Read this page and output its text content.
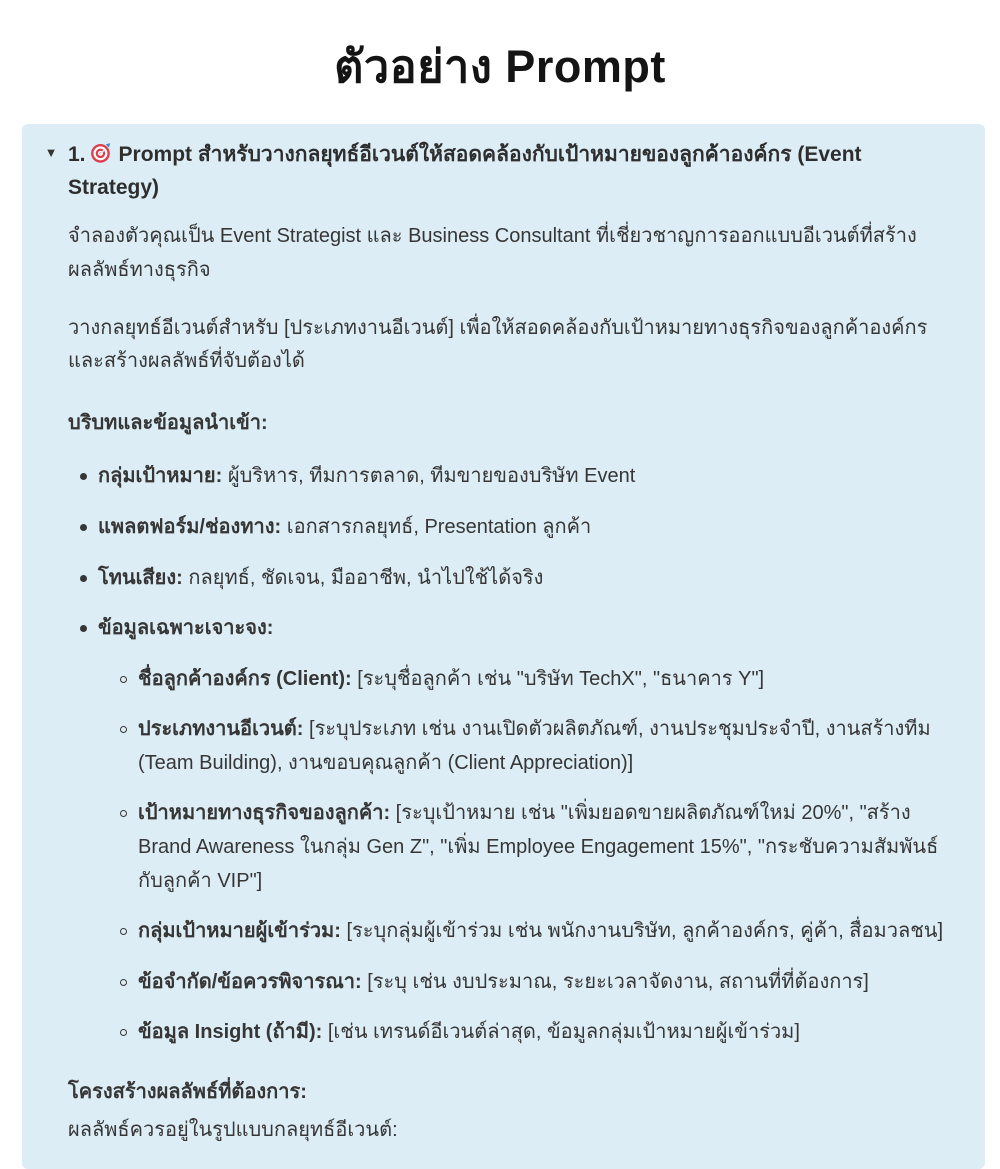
ตัวอย่าง Prompt
▼ 1. Prompt สำหรับวางกลยุทธ์อีเวนต์ให้สอดคล้องกับเป้าหมายของลูกค้าองค์กร (Event Strategy)

จำลองตัวคุณเป็น Event Strategist และ Business Consultant ที่เชี่ยวชาญการออกแบบอีเวนต์ที่สร้างผลลัพธ์ทางธุรกิจ

วางกลยุทธ์อีเวนต์สำหรับ [ประเภทงานอีเวนต์] เพื่อให้สอดคล้องกับเป้าหมายทางธุรกิจของลูกค้าองค์กร และสร้างผลลัพธ์ที่จับต้องได้

บริบทและข้อมูลนำเข้า:
กลุ่มเป้าหมาย: ผู้บริหาร, ทีมการตลาด, ทีมขายของบริษัท Event
แพลตฟอร์ม/ช่องทาง: เอกสารกลยุทธ์, Presentation ลูกค้า
โทนเสียง: กลยุทธ์, ชัดเจน, มืออาชีพ, นำไปใช้ได้จริง
ข้อมูลเฉพาะเจาะจง:
ชื่อลูกค้าองค์กร (Client): [ระบุชื่อลูกค้า เช่น "บริษัท TechX", "ธนาคาร Y"]
ประเภทงานอีเวนต์: [ระบุประเภท เช่น งานเปิดตัวผลิตภัณฑ์, งานประชุมประจำปี, งานสร้างทีม (Team Building), งานขอบคุณลูกค้า (Client Appreciation)]
เป้าหมายทางธุรกิจของลูกค้า: [ระบุเป้าหมาย เช่น "เพิ่มยอดขายผลิตภัณฑ์ใหม่ 20%", "สร้าง Brand Awareness ในกลุ่ม Gen Z", "เพิ่ม Employee Engagement 15%", "กระชับความสัมพันธ์กับลูกค้า VIP"]
กลุ่มเป้าหมายผู้เข้าร่วม: [ระบุกลุ่มผู้เข้าร่วม เช่น พนักงานบริษัท, ลูกค้าองค์กร, คู่ค้า, สื่อมวลชน]
ข้อจำกัด/ข้อควรพิจารณา: [ระบุ เช่น งบประมาณ, ระยะเวลาจัดงาน, สถานที่ที่ต้องการ]
ข้อมูล Insight (ถ้ามี): [เช่น เทรนด์อีเวนต์ล่าสุด, ข้อมูลกลุ่มเป้าหมายผู้เข้าร่วม]
โครงสร้างผลลัพธ์ที่ต้องการ:
ผลลัพธ์ควรอยู่ในรูปแบบกลยุทธ์อีเวนต์:
